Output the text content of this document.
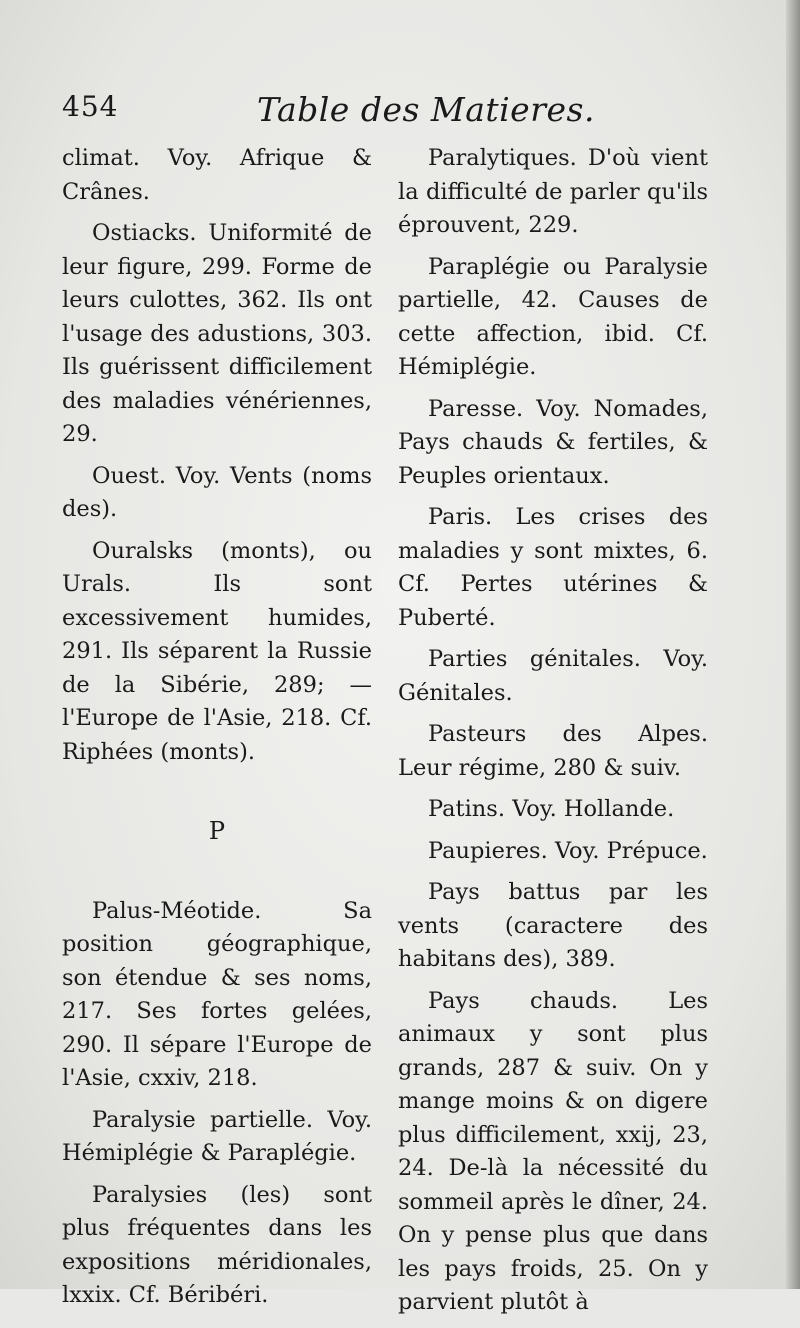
454	Table des Matieres.

climat. Voy. Afrique & Crânes.

Ostiacks. Uniformité de leur figure, 299. Forme de leurs culottes, 362. Ils ont l'usage des adustions, 303. Ils guérissent difficilement des maladies vénériennes, 29.

Ouest. Voy. Vents (noms des).

Ouralsks (monts), ou Urals. Ils sont excessivement humides, 291. Ils séparent la Russie de la Sibérie, 289; — l'Europe de l'Asie, 218. Cf. Riphées (monts).

P

Palus-Méotide. Sa position géographique, son étendue & ses noms, 217. Ses fortes gelées, 290. Il sépare l'Europe de l'Asie, cxxiv, 218.

Paralysie partielle. Voy. Hémiplégie & Paraplégie.

Paralysies (les) sont plus fréquentes dans les expositions méridionales, lxxix. Cf. Béribéri.

Paralytiques. D'où vient la difficulté de parler qu'ils éprouvent, 229.

Paraplégie ou Paralysie partielle, 42. Causes de cette affection, ibid. Cf. Hémiplégie.

Paresse. Voy. Nomades, Pays chauds & fertiles, & Peuples orientaux.

Paris. Les crises des maladies y sont mixtes, 6. Cf. Pertes utérines & Puberté.

Parties génitales. Voy. Génitales.

Pasteurs des Alpes. Leur régime, 280 & suiv.

Patins. Voy. Hollande.

Paupieres. Voy. Prépuce.

Pays battus par les vents (caractere des habitans des), 389.

Pays chauds. Les animaux y sont plus grands, 287 & suiv. On y mange moins & on digere plus difficilement, xxij, 23, 24. De-là la nécessité du sommeil après le dîner, 24. On y pense plus que dans les pays froids, 25. On y parvient plutôt à
